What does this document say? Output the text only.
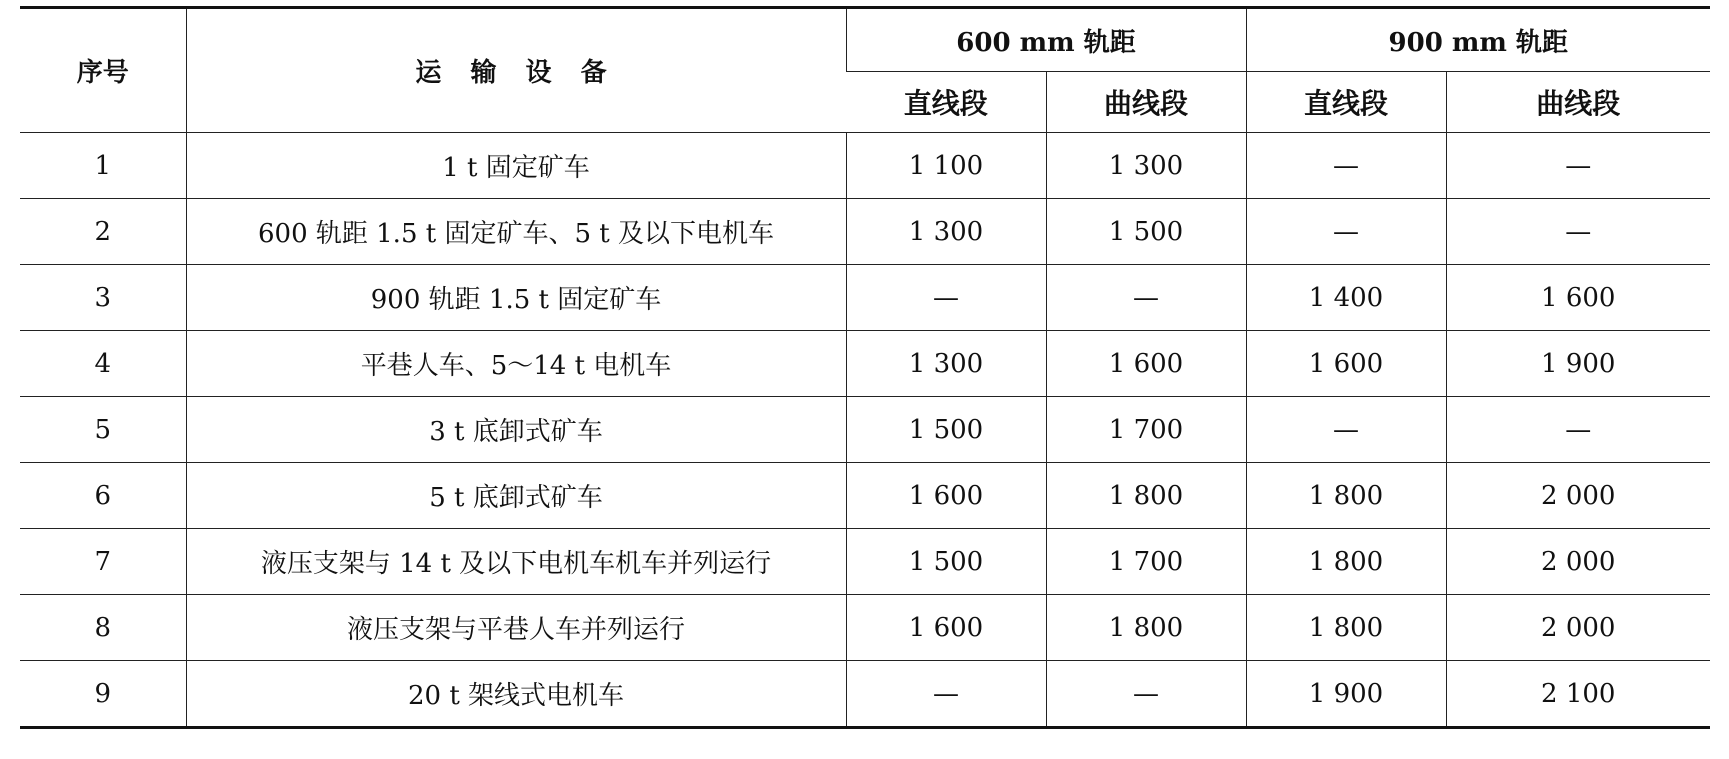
序号	运 输 设 备	600 mm 轨距		900 mm 轨距	
		直线段	曲线段	直线段	曲线段
1	1 t 固定矿车	1 100	1 300	—	—
2	600 轨距 1.5 t 固定矿车、5 t 及以下电机车	1 300	1 500	—	—
3	900 轨距 1.5 t 固定矿车	—	—	1 400	1 600
4	平巷人车、5～14 t 电机车	1 300	1 600	1 600	1 900
5	3 t 底卸式矿车	1 500	1 700	—	—
6	5 t 底卸式矿车	1 600	1 800	1 800	2 000
7	液压支架与 14 t 及以下电机车机车并列运行	1 500	1 700	1 800	2 000
8	液压支架与平巷人车并列运行	1 600	1 800	1 800	2 000
9	20 t 架线式电机车	—	—	1 900	2 100
